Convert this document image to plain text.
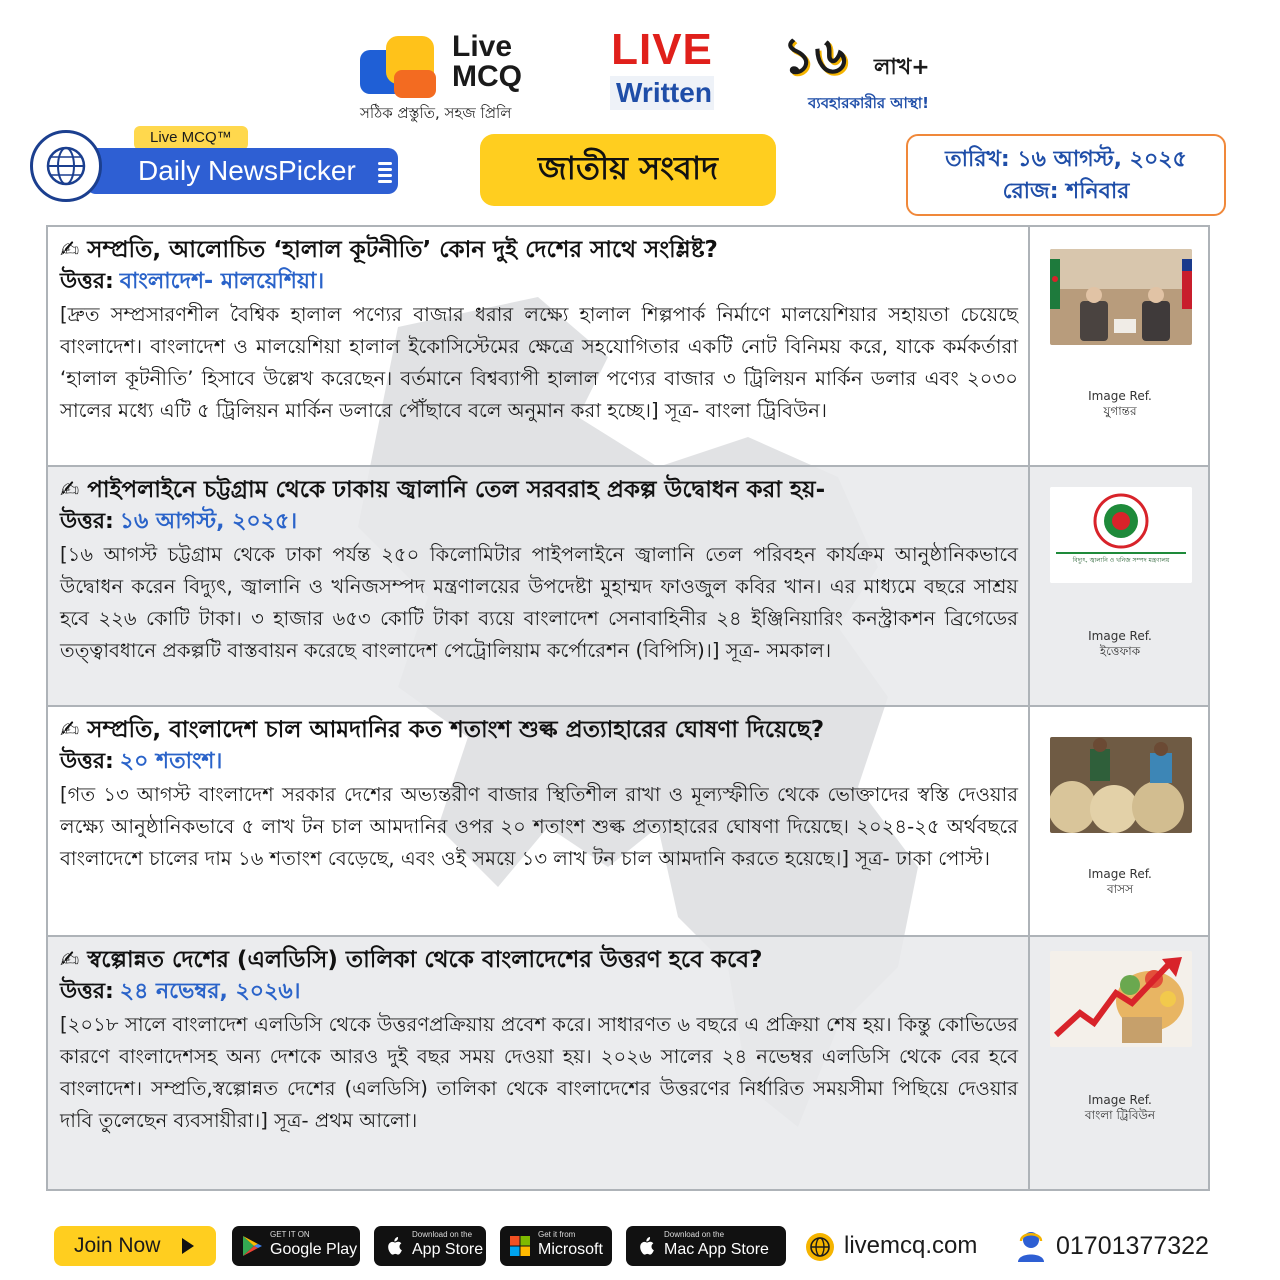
Live MCQ
সঠিক প্রস্তুতি, সহজ প্রিলি
LIVE
Written
১৬ লাখ+
ব্যবহারকারীর আস্থা!
Live MCQ™
Daily NewsPicker	জাতীয় সংবাদ	তারিখ: ১৬ আগস্ট, ২০২৫
রোজ: শনিবার
✍ সম্প্রতি, আলোচিত ‘হালাল কূটনীতি’ কোন দুই দেশের সাথে সংশ্লিষ্ট?
উত্তর: বাংলাদেশ- মালয়েশিয়া।
[দ্রুত সম্প্রসারণশীল বৈশ্বিক হালাল পণ্যের বাজার ধরার লক্ষ্যে হালাল শিল্পপার্ক নির্মাণে মালয়েশিয়ার সহায়তা চেয়েছে বাংলাদেশ। বাংলাদেশ ও মালয়েশিয়া হালাল ইকোসিস্টেমের ক্ষেত্রে সহযোগিতার একটি নোট বিনিময় করে, যাকে কর্মকর্তারা ‘হালাল কূটনীতি’ হিসাবে উল্লেখ করেছেন। বর্তমানে বিশ্বব্যাপী হালাল পণ্যের বাজার ৩ ট্রিলিয়ন মার্কিন ডলার এবং ২০৩০ সালের মধ্যে এটি ৫ ট্রিলিয়ন মার্কিন ডলারে পৌঁছাবে বলে অনুমান করা হচ্ছে।] সূত্র- বাংলা ট্রিবিউন।
Image Ref.
যুগান্তর
✍ পাইপলাইনে চট্টগ্রাম থেকে ঢাকায় জ্বালানি তেল সরবরাহ প্রকল্প উদ্বোধন করা হয়-
উত্তর: ১৬ আগস্ট, ২০২৫।
[১৬ আগস্ট চট্টগ্রাম থেকে ঢাকা পর্যন্ত ২৫০ কিলোমিটার পাইপলাইনে জ্বালানি তেল পরিবহন কার্যক্রম আনুষ্ঠানিকভাবে উদ্বোধন করেন বিদ্যুৎ, জ্বালানি ও খনিজসম্পদ মন্ত্রণালয়ের উপদেষ্টা মুহাম্মদ ফাওজুল কবির খান। এর মাধ্যমে বছরে সাশ্রয় হবে ২২৬ কোটি টাকা। ৩ হাজার ৬৫৩ কোটি টাকা ব্যয়ে বাংলাদেশ সেনাবাহিনীর ২৪ ইঞ্জিনিয়ারিং কনস্ট্রাকশন ব্রিগেডের তত্ত্বাবধানে প্রকল্পটি বাস্তবায়ন করেছে বাংলাদেশ পেট্রোলিয়াম কর্পোরেশন (বিপিসি)।] সূত্র- সমকাল।
বিদ্যুৎ, জ্বালানি ও খনিজ সম্পদ মন্ত্রণালয়
Image Ref.
ইত্তেফাক
✍ সম্প্রতি, বাংলাদেশ চাল আমদানির কত শতাংশ শুল্ক প্রত্যাহারের ঘোষণা দিয়েছে?
উত্তর: ২০ শতাংশ।
[গত ১৩ আগস্ট বাংলাদেশ সরকার দেশের অভ্যন্তরীণ বাজার স্থিতিশীল রাখা ও মূল্যস্ফীতি থেকে ভোক্তাদের স্বস্তি দেওয়ার লক্ষ্যে আনুষ্ঠানিকভাবে ৫ লাখ টন চাল আমদানির ওপর ২০ শতাংশ শুল্ক প্রত্যাহারের ঘোষণা দিয়েছে। ২০২৪-২৫ অর্থবছরে বাংলাদেশে চালের দাম ১৬ শতাংশ বেড়েছে, এবং ওই সময়ে ১৩ লাখ টন চাল আমদানি করতে হয়েছে।] সূত্র- ঢাকা পোস্ট।
Image Ref.
বাসস
✍ স্বল্পোন্নত দেশের (এলডিসি) তালিকা থেকে বাংলাদেশের উত্তরণ হবে কবে?
উত্তর: ২৪ নভেম্বর, ২০২৬।
[২০১৮ সালে বাংলাদেশ এলডিসি থেকে উত্তরণপ্রক্রিয়ায় প্রবেশ করে। সাধারণত ৬ বছরে এ প্রক্রিয়া শেষ হয়। কিন্তু কোভিডের কারণে বাংলাদেশসহ অন্য দেশকে আরও দুই বছর সময় দেওয়া হয়। ২০২৬ সালের ২৪ নভেম্বর এলডিসি থেকে বের হবে বাংলাদেশ। সম্প্রতি,স্বল্পোন্নত দেশের (এলডিসি) তালিকা থেকে বাংলাদেশের উত্তরণের নির্ধারিত সময়সীমা পিছিয়ে দেওয়ার দাবি তুলেছেন ব্যবসায়ীরা।] সূত্র- প্রথম আলো।
Image Ref.
বাংলা ট্রিবিউন
Join Now	GET IT ON
Google Play
Download on the
App Store
Get it from
Microsoft
Download on the
Mac App Store	livemcq.com	01701377322
